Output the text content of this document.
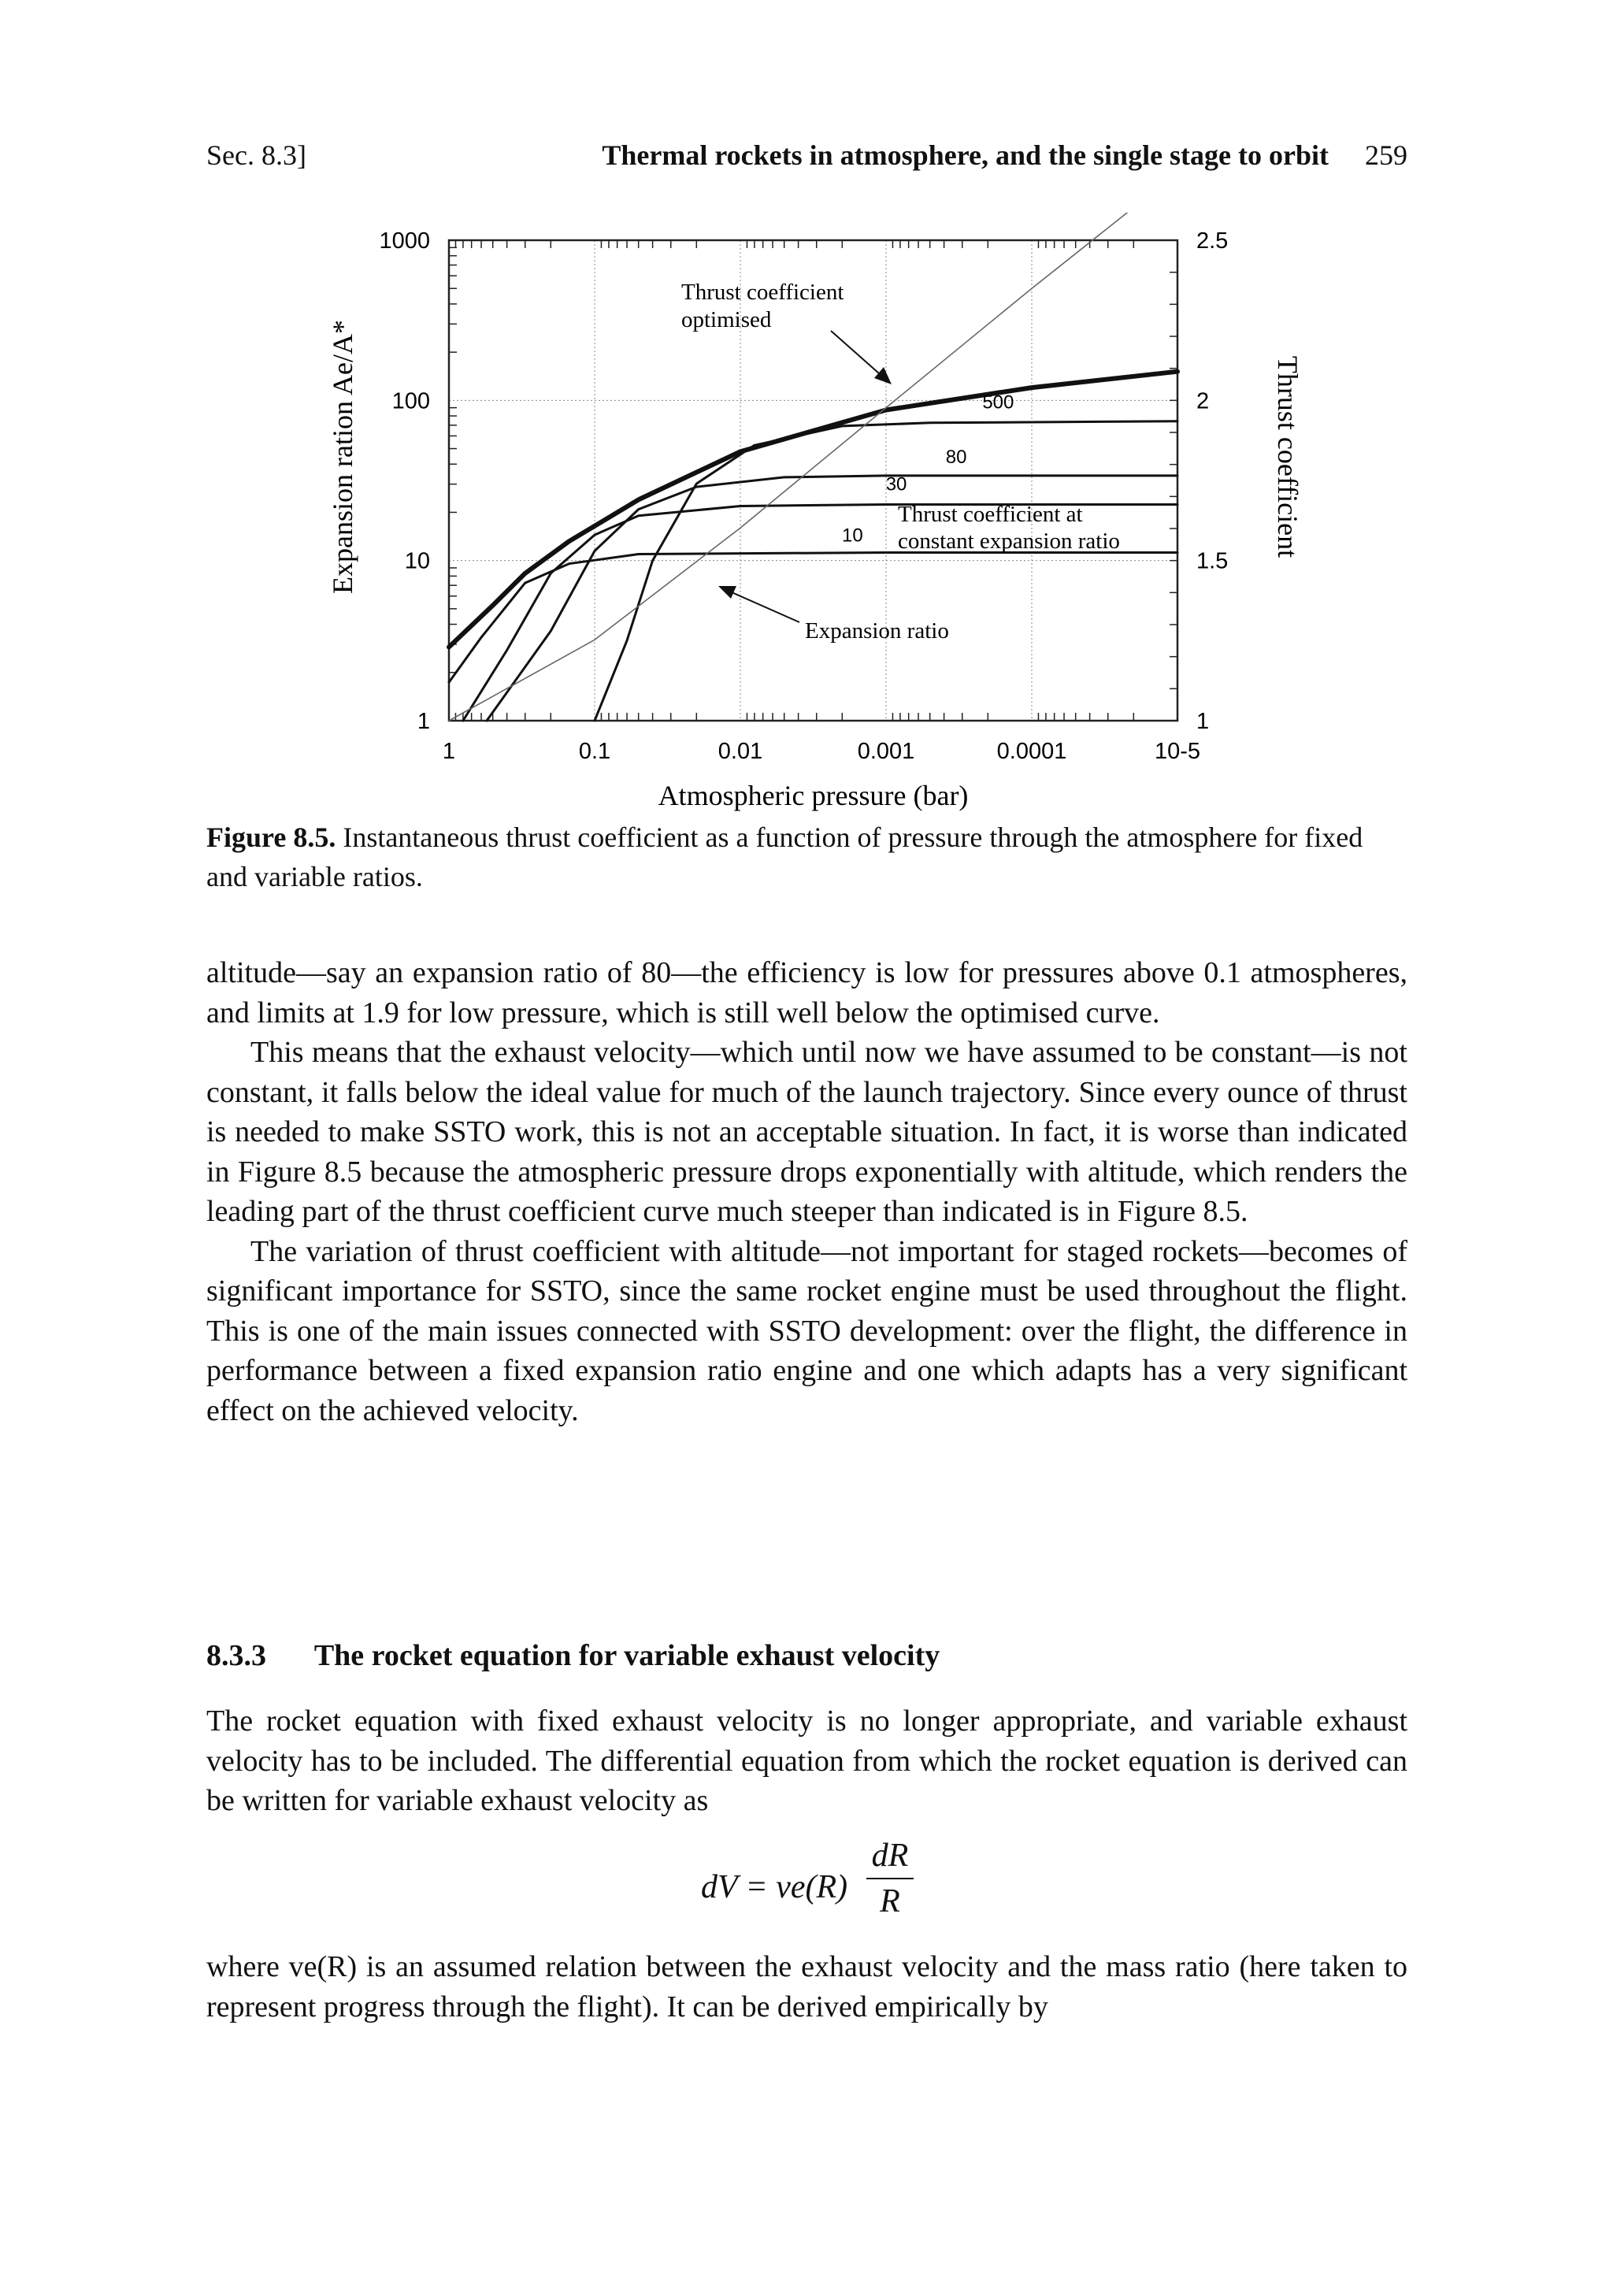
Sec. 8.3]	Thermal rockets in atmosphere, and the single stage to orbit 259
1	0.1	0.01	0.001	0.0001	10-5
1000
100
10
1
2.5
2
1.5
1
10
30
80
500
Thrust coefficient
optimised
Thrust coefficient at
constant expansion ratio
Expansion ratio
Atmospheric pressure (bar)
Expansion ration Ae/A*	Thrust coefficient
Figure 8.5. Instantaneous thrust coefficient as a function of pressure through the atmosphere for fixed and variable ratios.

altitude—say an expansion ratio of 80—the efficiency is low for pressures above 0.1 atmospheres, and limits at 1.9 for low pressure, which is still well below the optimised curve.

This means that the exhaust velocity—which until now we have assumed to be constant—is not constant, it falls below the ideal value for much of the launch trajectory. Since every ounce of thrust is needed to make SSTO work, this is not an acceptable situation. In fact, it is worse than indicated in Figure 8.5 because the atmospheric pressure drops exponentially with altitude, which renders the leading part of the thrust coefficient curve much steeper than indicated is in Figure 8.5.

The variation of thrust coefficient with altitude—not important for staged rockets—becomes of significant importance for SSTO, since the same rocket engine must be used throughout the flight. This is one of the main issues connected with SSTO development: over the flight, the difference in performance between a fixed expansion ratio engine and one which adapts has a very significant effect on the achieved velocity.

8.3.3 The rocket equation for variable exhaust velocity

The rocket equation with fixed exhaust velocity is no longer appropriate, and variable exhaust velocity has to be included. The differential equation from which the rocket equation is derived can be written for variable exhaust velocity as

dV = ve(R)
dR
R

where ve(R) is an assumed relation between the exhaust velocity and the mass ratio (here taken to represent progress through the flight). It can be derived empirically by
